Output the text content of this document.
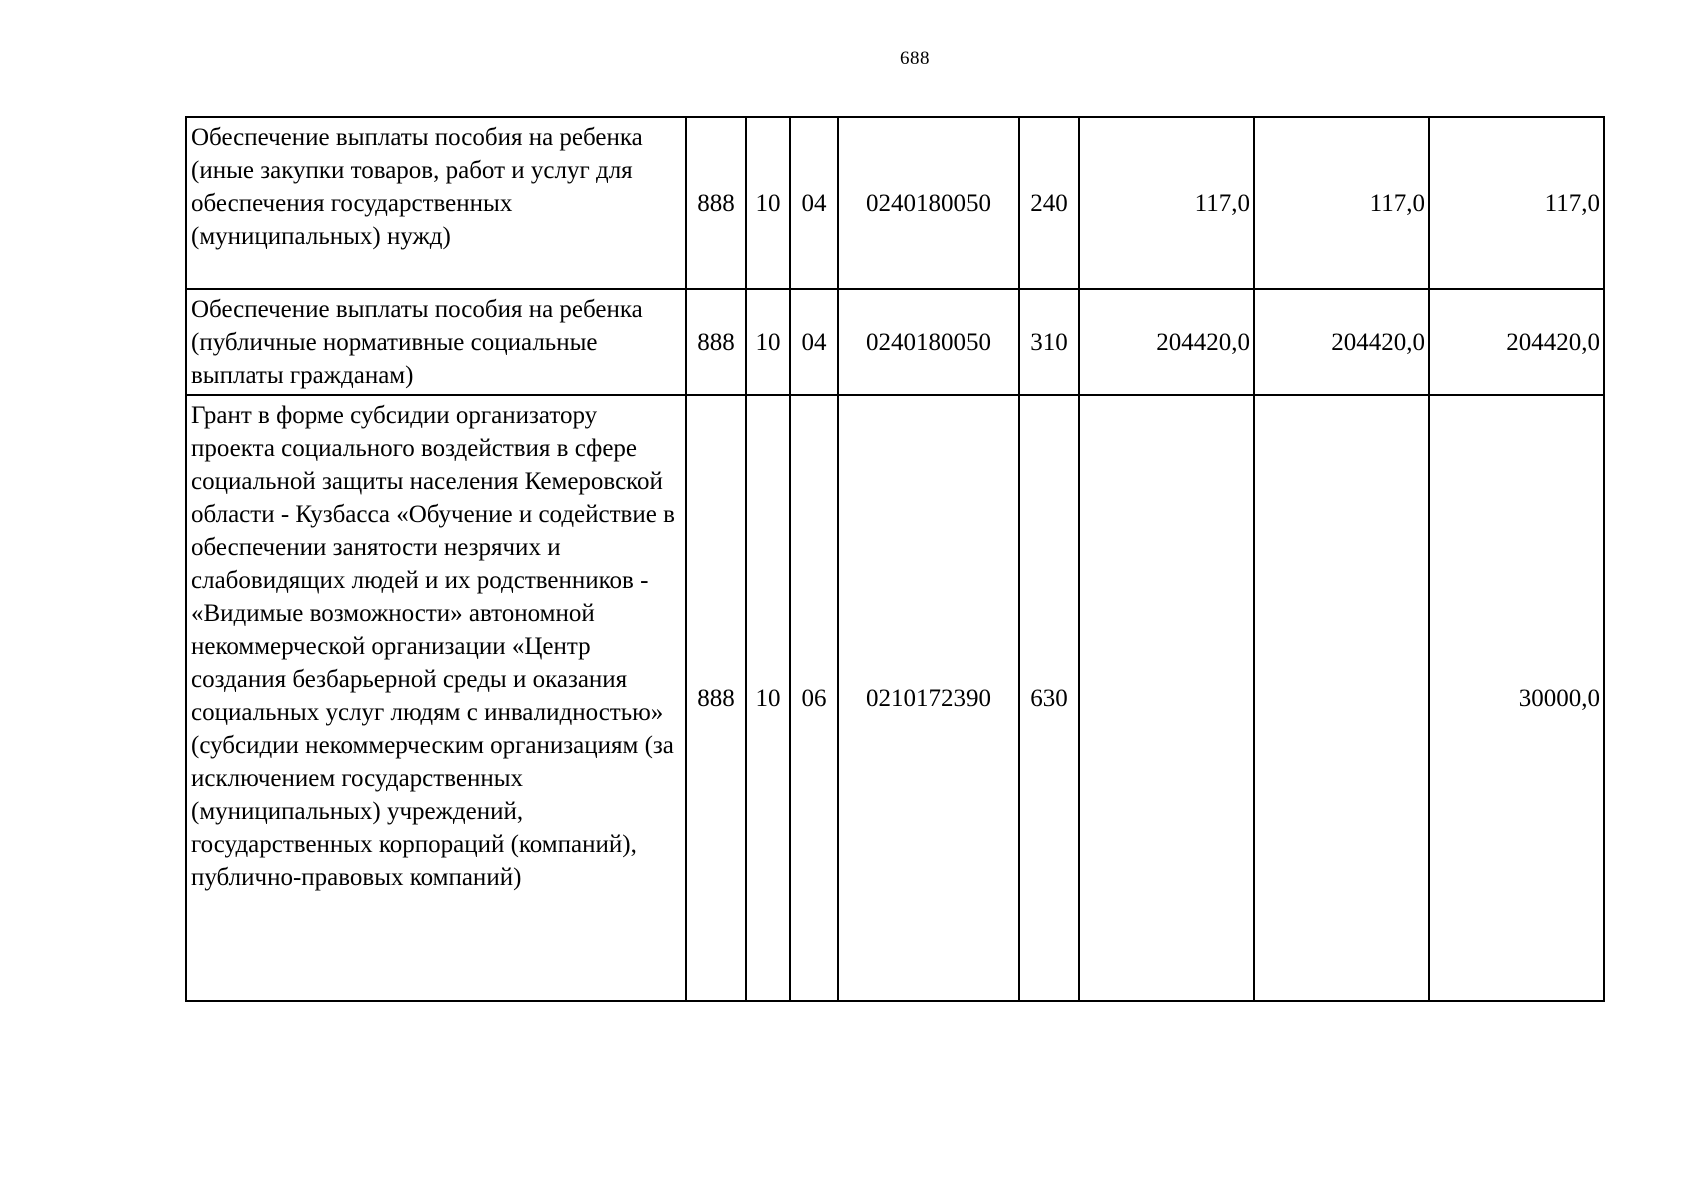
688
Обеспечение выплаты пособия на ребенка (иные закупки товаров, работ и услуг для обеспечения государственных (муниципальных) нужд)	888	10	04	0240180050	240	117,0	117,0	117,0
Обеспечение выплаты пособия на ребенка (публичные нормативные социальные выплаты гражданам)	888	10	04	0240180050	310	204420,0	204420,0	204420,0
Грант в форме субсидии организатору проекта социального воздействия в сфере социальной защиты населения Кемеровской области - Кузбасса «Обучение и содействие в обеспечении занятости незрячих и слабовидящих людей и их родственников - «Видимые возможности» автономной некоммерческой организации «Центр создания безбарьерной среды и оказания социальных услуг людям с инвалидностью» (субсидии некоммерческим организациям (за исключением государственных (муниципальных) учреждений, государственных корпораций (компаний), публично-правовых компаний)	888	10	06	0210172390	630			30000,0
